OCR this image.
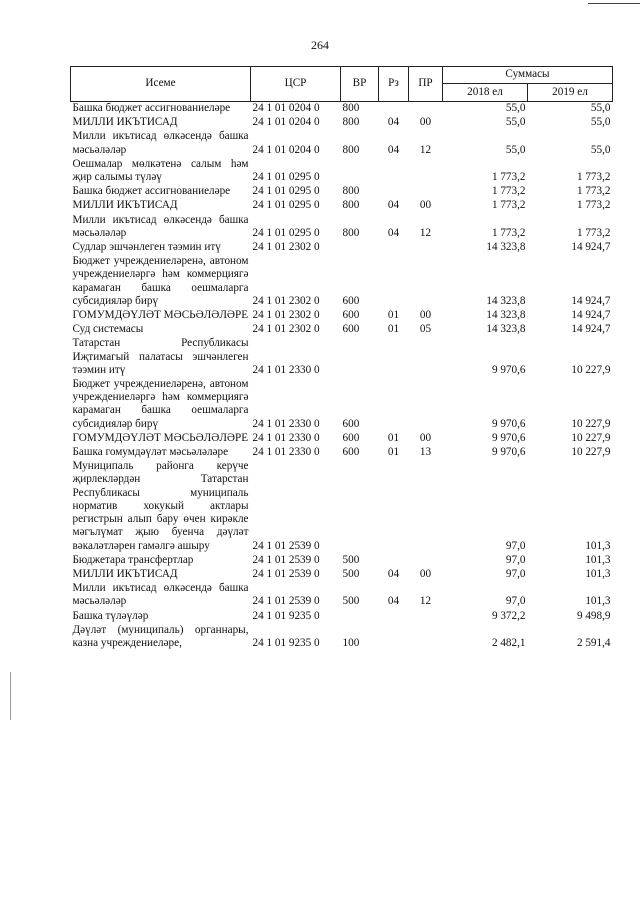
264
Исеме	ЦСР	ВР	Рз	ПР	Суммасы	
					2018 ел	2019 ел
Башка бюджет ассигнованиеләре	24 1 01 0204 0	800			55,0	55,0
МИЛЛИ ИКЪТИСАД	24 1 01 0204 0	800	04	00	55,0	55,0
Милли икътисад өлкәсендә башка мәсьәләләр	24 1 01 0204 0	800	04	12	55,0	55,0
Оешмалар мөлкәтенә салым һәм җир салымы түләү	24 1 01 0295 0				1 773,2	1 773,2
Башка бюджет ассигнованиеләре	24 1 01 0295 0	800			1 773,2	1 773,2
МИЛЛИ ИКЪТИСАД	24 1 01 0295 0	800	04	00	1 773,2	1 773,2
Милли икътисад өлкәсендә башка мәсьәләләр	24 1 01 0295 0	800	04	12	1 773,2	1 773,2
Судлар эшчәнлеген тәэмин итү	24 1 01 2302 0				14 323,8	14 924,7
Бюджет учреждениеләренә, автоном учреждениеләргә һәм коммерциягә карамаган башка оешмаларга субсидияләр бирү	24 1 01 2302 0	600			14 323,8	14 924,7
ГОМУМДӘҮЛӘТ МӘСЬӘЛӘЛӘРЕ	24 1 01 2302 0	600	01	00	14 323,8	14 924,7
Суд системасы	24 1 01 2302 0	600	01	05	14 323,8	14 924,7
Татарстан Республикасы Иҗтимагый палатасы эшчәнлеген тәэмин итү	24 1 01 2330 0				9 970,6	10 227,9
Бюджет учреждениеләренә, автоном учреждениеләргә һәм коммерциягә карамаган башка оешмаларга субсидияләр бирү	24 1 01 2330 0	600			9 970,6	10 227,9
ГОМУМДӘҮЛӘТ МӘСЬӘЛӘЛӘРЕ	24 1 01 2330 0	600	01	00	9 970,6	10 227,9
Башка гомумдәүләт мәсьәләләре	24 1 01 2330 0	600	01	13	9 970,6	10 227,9
Муниципаль районга керүче җирлекләрдән Татарстан Республикасы муниципаль норматив хокукый актлары регистрын алып бару өчен кирәкле мәгълүмат җыю буенча дәүләт вәкаләтләрен гамәлгә ашыру	24 1 01 2539 0				97,0	101,3
Бюджетара трансфертлар	24 1 01 2539 0	500			97,0	101,3
МИЛЛИ ИКЪТИСАД	24 1 01 2539 0	500	04	00	97,0	101,3
Милли икътисад өлкәсендә башка мәсьәләләр	24 1 01 2539 0	500	04	12	97,0	101,3
Башка түләүләр	24 1 01 9235 0				9 372,2	9 498,9
Дәүләт (муниципаль) органнары, казна учреждениеләре,	24 1 01 9235 0	100			2 482,1	2 591,4
